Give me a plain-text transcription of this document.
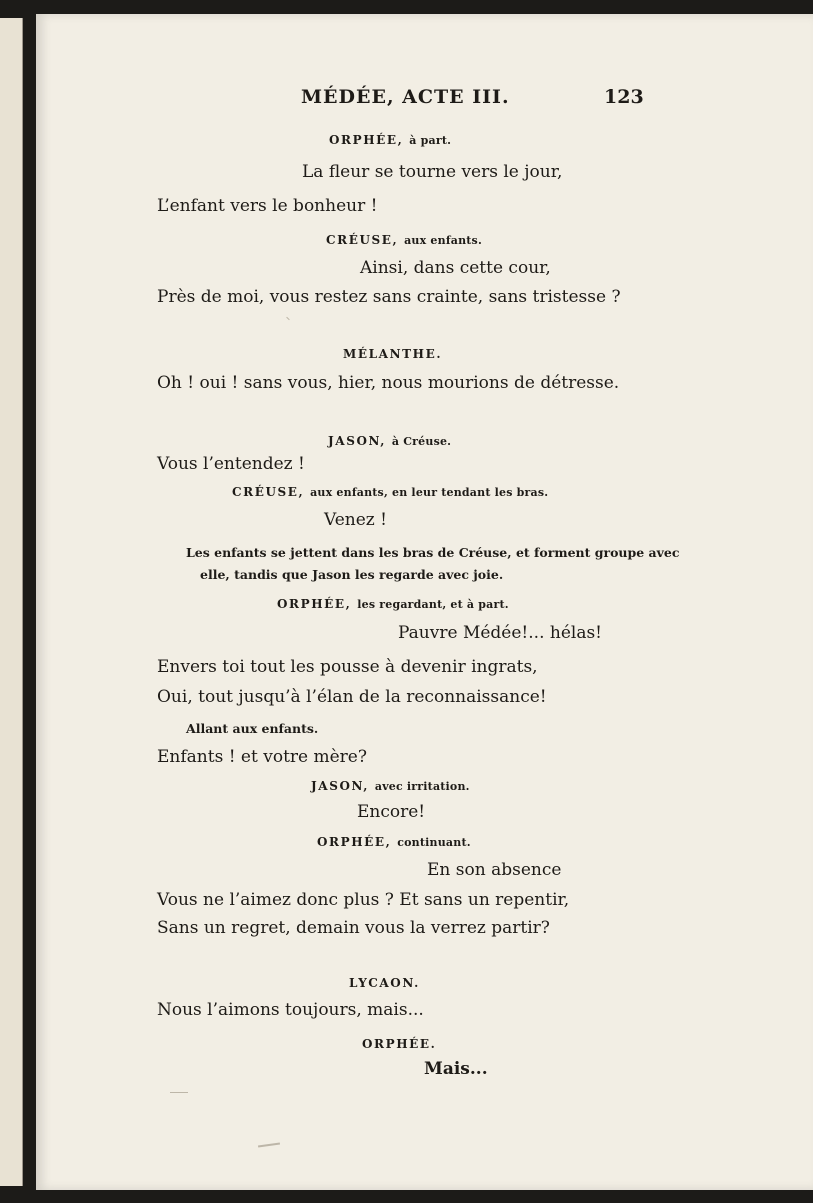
MÉDÉE, ACTE III.	123
ORPHÉE, à part.
La fleur se tourne vers le jour,
L’enfant vers le bonheur !
CRÉUSE, aux enfants.
Ainsi, dans cette cour,
Près de moi, vous restez sans crainte, sans tristesse ?
MÉLANTHE.
Oh ! oui ! sans vous, hier, nous mourions de détresse.
JASON, à Créuse.
Vous l’entendez !
CRÉUSE, aux enfants, en leur tendant les bras.
Venez !
Les enfants se jettent dans les bras de Créuse, et forment groupe avec
elle, tandis que Jason les regarde avec joie.
ORPHÉE, les regardant, et à part.
Pauvre Médée!... hélas!
Envers toi tout les pousse à devenir ingrats,
Oui, tout jusqu’à l’élan de la reconnaissance!
Allant aux enfants.
Enfants ! et votre mère?
JASON, avec irritation.
Encore!
ORPHÉE, continuant.
En son absence
Vous ne l’aimez donc plus ? Et sans un repentir,
Sans un regret, demain vous la verrez partir?
LYCAON.
Nous l’aimons toujours, mais...
ORPHÉE.
Mais...
